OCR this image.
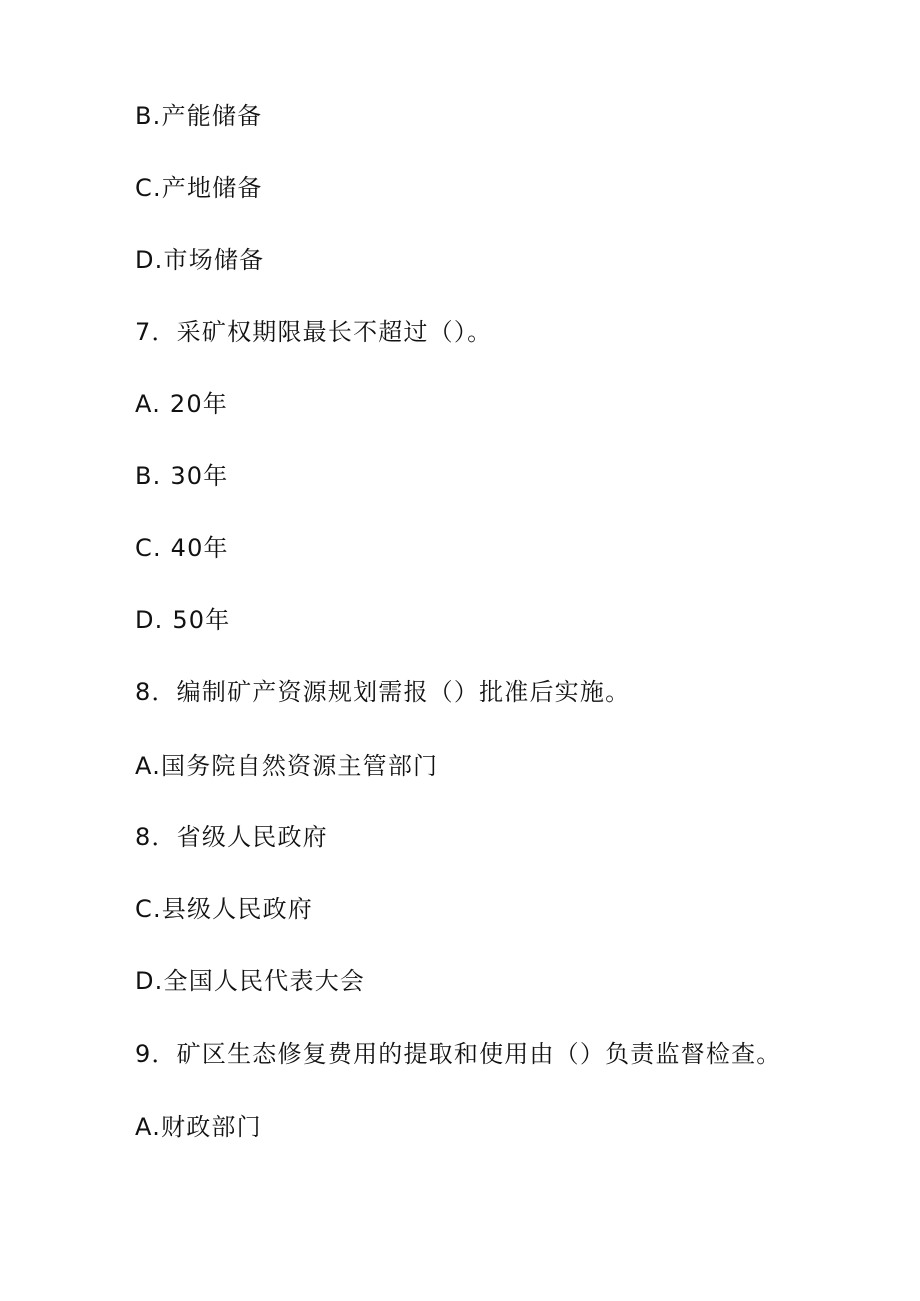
B.产能储备
C.产地储备
D.市场储备
7．采矿权期限最长不超过（）。
A. 20年
B. 30年
C. 40年
D. 50年
8．编制矿产资源规划需报（）批准后实施。
A.国务院自然资源主管部门
8．省级人民政府
C.县级人民政府
D.全国人民代表大会
9．矿区生态修复费用的提取和使用由（）负责监督检查。
A.财政部门
